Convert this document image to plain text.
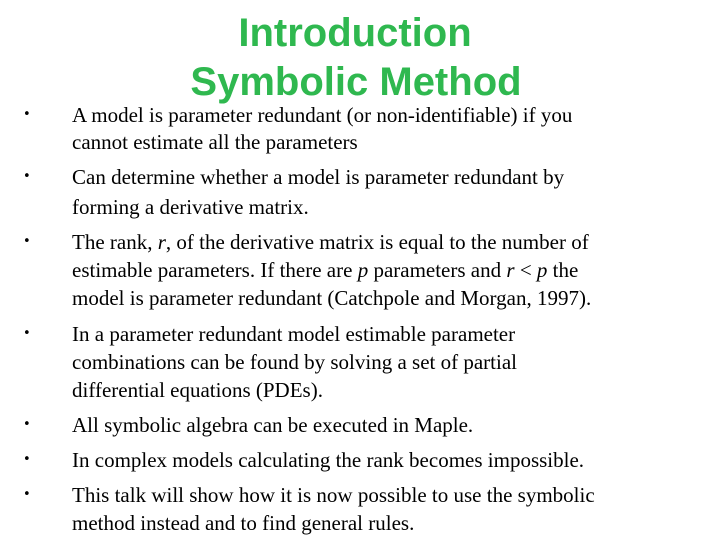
Introduction
• A model is parameter redundant (or non-identifiable) if you
cannot estimate all the parameters
• Can determine whether a model is parameter redundant by
forming a derivative matrix.
• The rank, r, of the derivative matrix is equal to the number of
estimable parameters. If there are p parameters and r < p the
model is parameter redundant (Catchpole and Morgan, 1997).
• In a parameter redundant model estimable parameter
combinations can be found by solving a set of partial
differential equations (PDEs).
• All symbolic algebra can be executed in Maple.
• In complex models calculating the rank becomes impossible.
• This talk will show how it is now possible to use the symbolic
method instead and to find general rules.
Symbolic Method
